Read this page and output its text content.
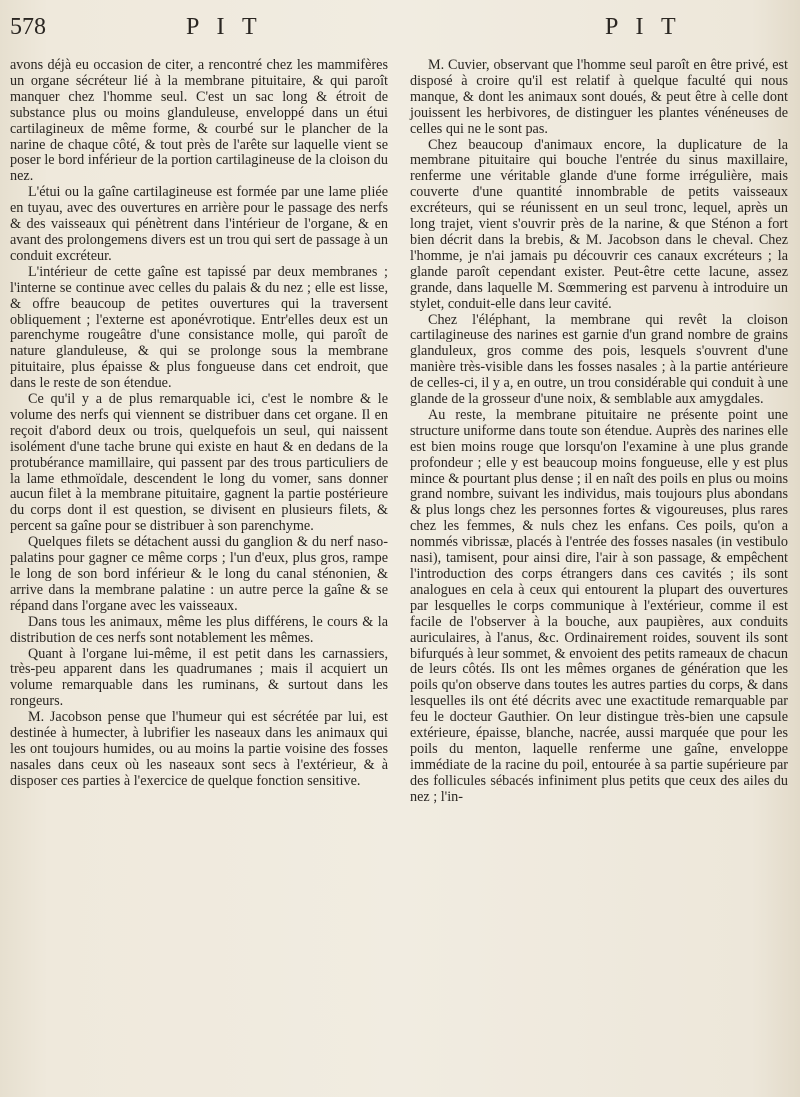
578	P I T	P I T

avons déjà eu occasion de citer, a rencontré chez les mammifères un organe sécréteur lié à la membrane pituitaire, & qui paroît manquer chez l'homme seul. C'est un sac long & étroit de substance plus ou moins glanduleuse, enveloppé dans un étui cartilagineux de même forme, & courbé sur le plancher de la narine de chaque côté, & tout près de l'arête sur laquelle vient se poser le bord inférieur de la portion cartilagineuse de la cloison du nez.

L'étui ou la gaîne cartilagineuse est formée par une lame pliée en tuyau, avec des ouvertures en arrière pour le passage des nerfs & des vaisseaux qui pénètrent dans l'intérieur de l'organe, & en avant des prolongemens divers est un trou qui sert de passage à un conduit excréteur.

L'intérieur de cette gaîne est tapissé par deux membranes ; l'interne se continue avec celles du palais & du nez ; elle est lisse, & offre beaucoup de petites ouvertures qui la traversent obliquement ; l'externe est aponévrotique. Entr'elles deux est un parenchyme rougeâtre d'une consistance molle, qui paroît de nature glanduleuse, & qui se prolonge sous la membrane pituitaire, plus épaisse & plus fongueuse dans cet endroit, que dans le reste de son étendue.

Ce qu'il y a de plus remarquable ici, c'est le nombre & le volume des nerfs qui viennent se distribuer dans cet organe. Il en reçoit d'abord deux ou trois, quelquefois un seul, qui naissent isolément d'une tache brune qui existe en haut & en dedans de la protubérance mamillaire, qui passent par des trous particuliers de la lame ethmoïdale, descendent le long du vomer, sans donner aucun filet à la membrane pituitaire, gagnent la partie postérieure du corps dont il est question, se divisent en plusieurs filets, & percent sa gaîne pour se distribuer à son parenchyme.

Quelques filets se détachent aussi du ganglion & du nerf naso-palatins pour gagner ce même corps ; l'un d'eux, plus gros, rampe le long de son bord inférieur & le long du canal sténonien, & arrive dans la membrane palatine : un autre perce la gaîne & se répand dans l'organe avec les vaisseaux.

Dans tous les animaux, même les plus différens, le cours & la distribution de ces nerfs sont notablement les mêmes.

Quant à l'organe lui-même, il est petit dans les carnassiers, très-peu apparent dans les quadrumanes ; mais il acquiert un volume remarquable dans les ruminans, & surtout dans les rongeurs.

M. Jacobson pense que l'humeur qui est sécrétée par lui, est destinée à humecter, à lubrifier les naseaux dans les animaux qui les ont toujours humides, ou au moins la partie voisine des fosses nasales dans ceux où les naseaux sont secs à l'extérieur, & à disposer ces parties à l'exercice de quelque fonction sensitive.

M. Cuvier, observant que l'homme seul paroît en être privé, est disposé à croire qu'il est relatif à quelque faculté qui nous manque, & dont les animaux sont doués, & peut être à celle dont jouissent les herbivores, de distinguer les plantes vénéneuses de celles qui ne le sont pas.

Chez beaucoup d'animaux encore, la duplicature de la membrane pituitaire qui bouche l'entrée du sinus maxillaire, renferme une véritable glande d'une forme irrégulière, mais couverte d'une quantité innombrable de petits vaisseaux excréteurs, qui se réunissent en un seul tronc, lequel, après un long trajet, vient s'ouvrir près de la narine, & que Sténon a fort bien décrit dans la brebis, & M. Jacobson dans le cheval. Chez l'homme, je n'ai jamais pu découvrir ces canaux excréteurs ; la glande paroît cependant exister. Peut-être cette lacune, assez grande, dans laquelle M. Sœmmering est parvenu à introduire un stylet, conduit-elle dans leur cavité.

Chez l'éléphant, la membrane qui revêt la cloison cartilagineuse des narines est garnie d'un grand nombre de grains glanduleux, gros comme des pois, lesquels s'ouvrent d'une manière très-visible dans les fosses nasales ; à la partie antérieure de celles-ci, il y a, en outre, un trou considérable qui conduit à une glande de la grosseur d'une noix, & semblable aux amygdales.

Au reste, la membrane pituitaire ne présente point une structure uniforme dans toute son étendue. Auprès des narines elle est bien moins rouge que lorsqu'on l'examine à une plus grande profondeur ; elle y est beaucoup moins fongueuse, elle y est plus mince & pourtant plus dense ; il en naît des poils en plus ou moins grand nombre, suivant les individus, mais toujours plus abondans & plus longs chez les personnes fortes & vigoureuses, plus rares chez les femmes, & nuls chez les enfans. Ces poils, qu'on a nommés vibrissæ, placés à l'entrée des fosses nasales (in vestibulo nasi), tamisent, pour ainsi dire, l'air à son passage, & empêchent l'introduction des corps étrangers dans ces cavités ; ils sont analogues en cela à ceux qui entourent la plupart des ouvertures par lesquelles le corps communique à l'extérieur, comme il est facile de l'observer à la bouche, aux paupières, aux conduits auriculaires, à l'anus, &c. Ordinairement roides, souvent ils sont bifurqués à leur sommet, & envoient des petits rameaux de chacun de leurs côtés. Ils ont les mêmes organes de génération que les poils qu'on observe dans toutes les autres parties du corps, & dans lesquelles ils ont été décrits avec une exactitude remarquable par feu le docteur Gauthier. On leur distingue très-bien une capsule extérieure, épaisse, blanche, nacrée, aussi marquée que pour les poils du menton, laquelle renferme une gaîne, enveloppe immédiate de la racine du poil, entourée à sa partie supérieure par des follicules sébacés infiniment plus petits que ceux des ailes du nez ; l'in-
